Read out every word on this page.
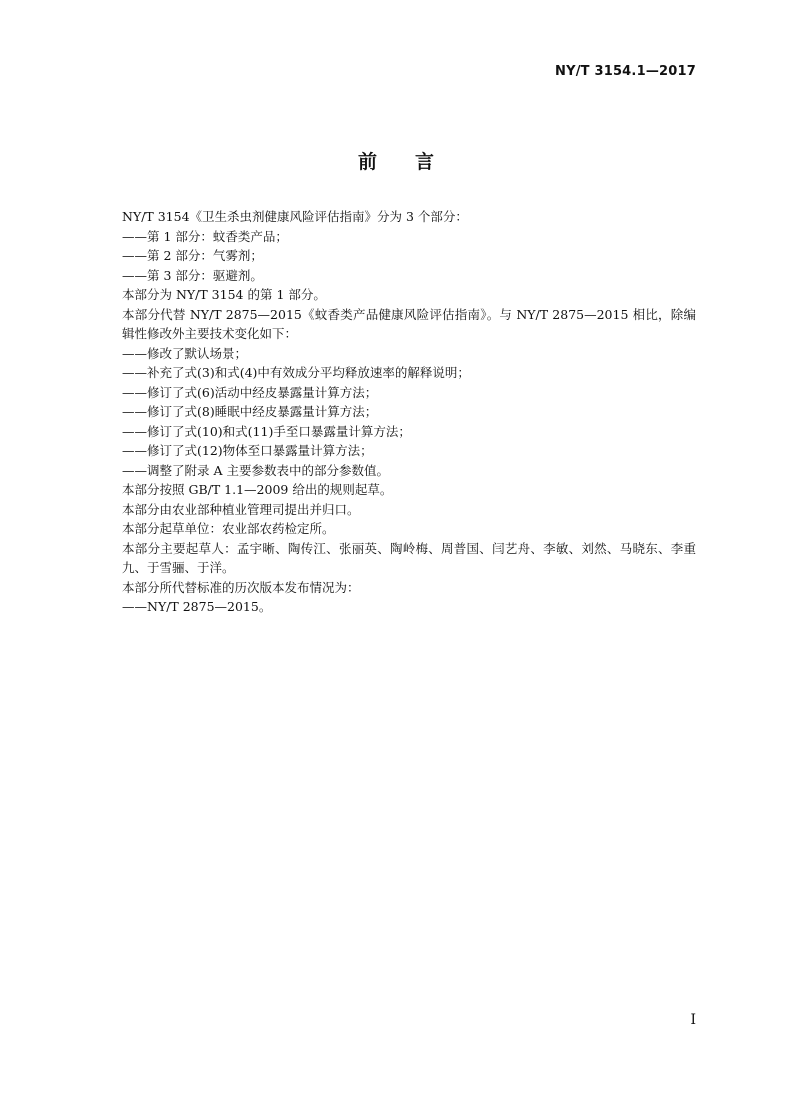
NY/T 3154.1—2017
前言
NY/T 3154《卫生杀虫剂健康风险评估指南》分为 3 个部分：
——第 1 部分：蚊香类产品；
——第 2 部分：气雾剂；
——第 3 部分：驱避剂。
本部分为 NY/T 3154 的第 1 部分。
本部分代替 NY/T 2875—2015《蚊香类产品健康风险评估指南》。与 NY/T 2875—2015 相比，除编辑性修改外主要技术变化如下：
——修改了默认场景；
——补充了式(3)和式(4)中有效成分平均释放速率的解释说明；
——修订了式(6)活动中经皮暴露量计算方法；
——修订了式(8)睡眠中经皮暴露量计算方法；
——修订了式(10)和式(11)手至口暴露量计算方法；
——修订了式(12)物体至口暴露量计算方法；
——调整了附录 A 主要参数表中的部分参数值。
本部分按照 GB/T 1.1—2009 给出的规则起草。
本部分由农业部种植业管理司提出并归口。
本部分起草单位：农业部农药检定所。
本部分主要起草人：孟宇晰、陶传江、张丽英、陶岭梅、周普国、闫艺舟、李敏、刘然、马晓东、李重九、于雪骊、于洋。
本部分所代替标准的历次版本发布情况为：
——NY/T 2875—2015。
I
